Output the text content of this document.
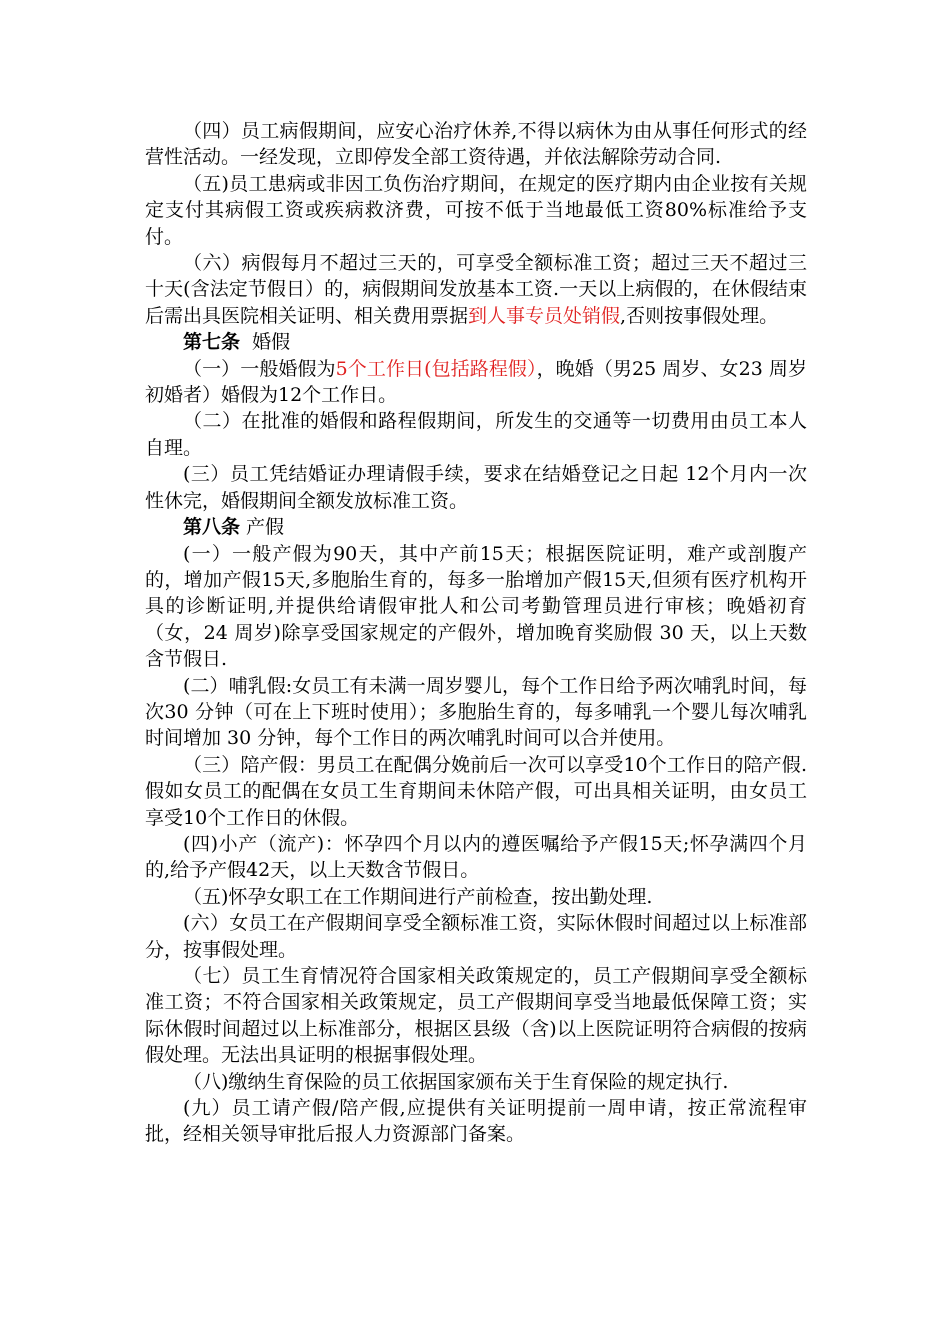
（四）员工病假期间，应安心治疗休养,不得以病休为由从事任何形式的经营性活动。一经发现，立即停发全部工资待遇，并依法解除劳动合同.

（五)员工患病或非因工负伤治疗期间，在规定的医疗期内由企业按有关规定支付其病假工资或疾病救济费，可按不低于当地最低工资80%标准给予支付。

（六）病假每月不超过三天的，可享受全额标准工资；超过三天不超过三十天(含法定节假日）的，病假期间发放基本工资.一天以上病假的，在休假结束后需出具医院相关证明、相关费用票据到人事专员处销假,否则按事假处理。

第七条  婚假

（一）一般婚假为5个工作日(包括路程假），晚婚（男25 周岁、女23 周岁初婚者）婚假为12个工作日。

（二）在批准的婚假和路程假期间，所发生的交通等一切费用由员工本人自理。

(三）员工凭结婚证办理请假手续，要求在结婚登记之日起 12个月内一次性休完，婚假期间全额发放标准工资。

第八条 产假

(一）一般产假为90天，其中产前15天；根据医院证明，难产或剖腹产的，增加产假15天,多胞胎生育的，每多一胎增加产假15天,但须有医疗机构开具的诊断证明,并提供给请假审批人和公司考勤管理员进行审核；晚婚初育（女，24 周岁)除享受国家规定的产假外，增加晚育奖励假 30 天，以上天数含节假日.

(二）哺乳假:女员工有未满一周岁婴儿，每个工作日给予两次哺乳时间，每次30 分钟（可在上下班时使用）；多胞胎生育的，每多哺乳一个婴儿每次哺乳时间增加 30 分钟，每个工作日的两次哺乳时间可以合并使用。

（三）陪产假：男员工在配偶分娩前后一次可以享受10个工作日的陪产假.假如女员工的配偶在女员工生育期间未休陪产假，可出具相关证明，由女员工享受10个工作日的休假。

(四)小产（流产)：怀孕四个月以内的遵医嘱给予产假15天;怀孕满四个月的,给予产假42天，以上天数含节假日。

（五)怀孕女职工在工作期间进行产前检查，按出勤处理.

(六）女员工在产假期间享受全额标准工资，实际休假时间超过以上标准部分，按事假处理。

（七）员工生育情况符合国家相关政策规定的，员工产假期间享受全额标准工资；不符合国家相关政策规定，员工产假期间享受当地最低保障工资；实际休假时间超过以上标准部分，根据区县级（含)以上医院证明符合病假的按病假处理。无法出具证明的根据事假处理。

（八)缴纳生育保险的员工依据国家颁布关于生育保险的规定执行.

(九）员工请产假/陪产假,应提供有关证明提前一周申请，按正常流程审批，经相关领导审批后报人力资源部门备案。
